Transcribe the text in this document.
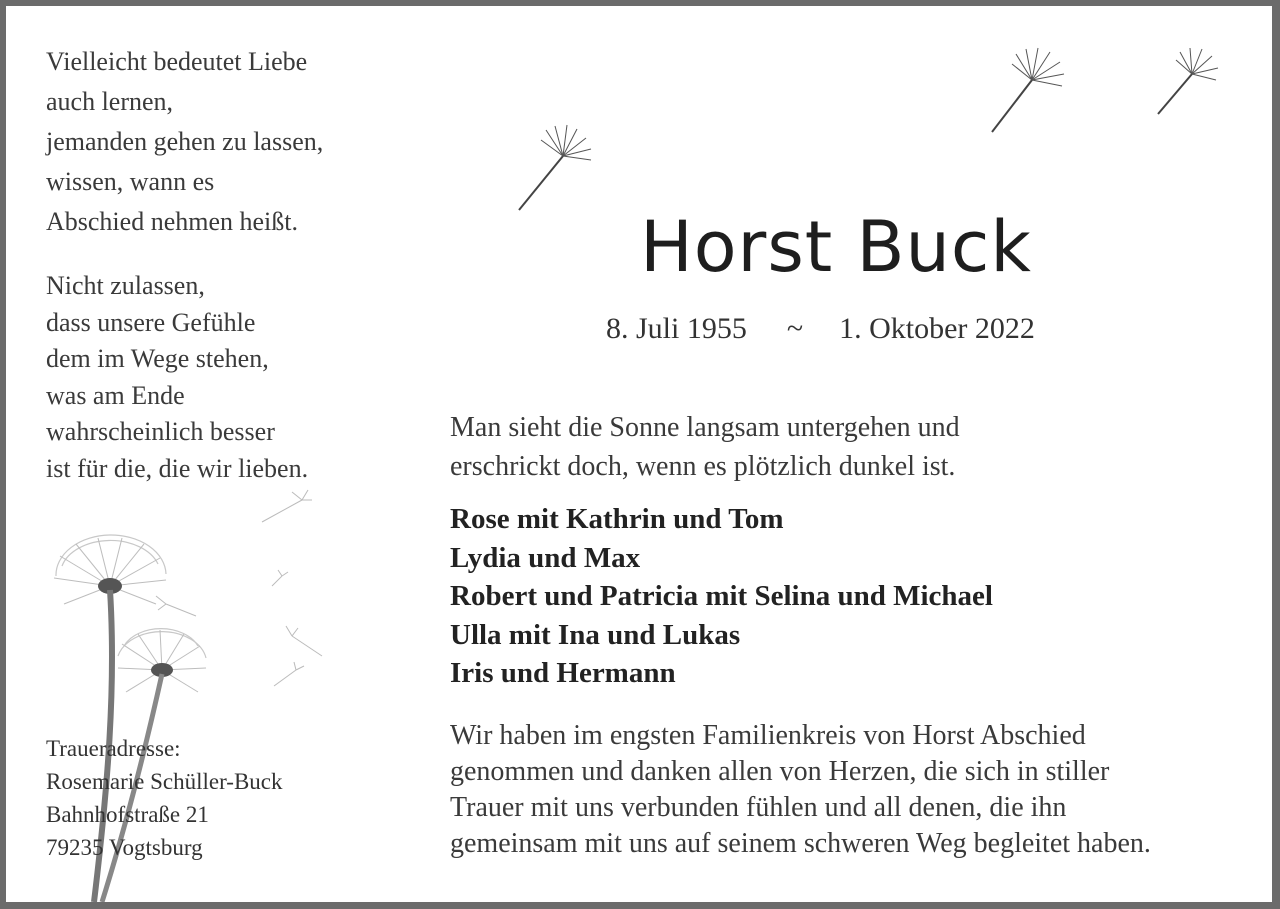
Vielleicht bedeutet Liebe
auch lernen,
jemanden gehen zu lassen,
wissen, wann es
Abschied nehmen heißt.
Nicht zulassen,
dass unsere Gefühle
dem im Wege stehen,
was am Ende
wahrscheinlich besser
ist für die, die wir lieben.
Horst Buck
8. Juli 1955 ~ 1. Oktober 2022
Man sieht die Sonne langsam untergehen und
erschrickt doch, wenn es plötzlich dunkel ist.
Rose mit Kathrin und Tom
Lydia und Max
Robert und Patricia mit Selina und Michael
Ulla mit Ina und Lukas
Iris und Hermann
Wir haben im engsten Familienkreis von Horst Abschied
genommen und danken allen von Herzen, die sich in stiller
Trauer mit uns verbunden fühlen und all denen, die ihn
gemeinsam mit uns auf seinem schweren Weg begleitet haben.
Traueradresse:
Rosemarie Schüller-Buck
Bahnhofstraße 21
79235 Vogtsburg
